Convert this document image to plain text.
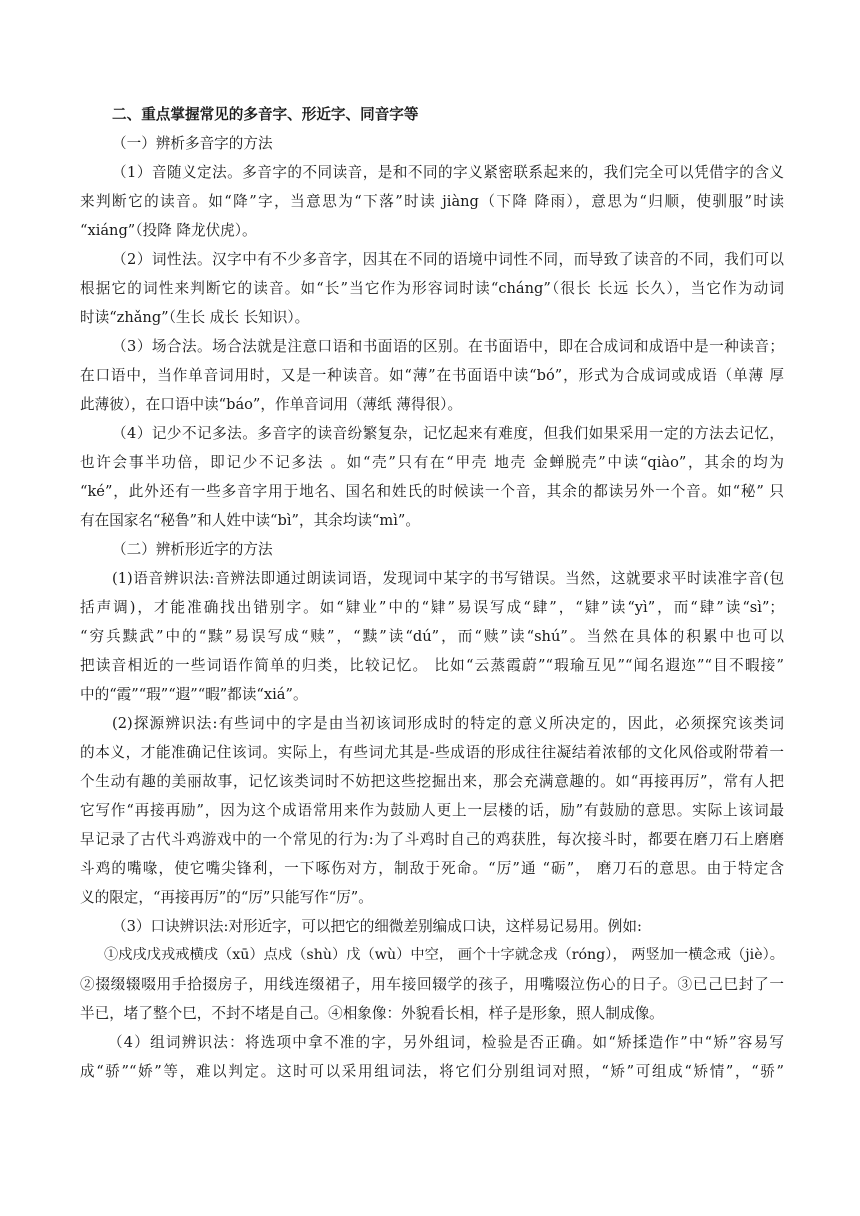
二、重点掌握常见的多音字、形近字、同音字等

（一）辨析多音字的方法

（1）音随义定法。多音字的不同读音，是和不同的字义紧密联系起来的，我们完全可以凭借字的含义

来判断它的读音。如“降”字，当意思为“下落”时读 jiàng（下降 降雨），意思为“归顺，使驯服”时读

“xiáng”（投降 降龙伏虎）。

（2）词性法。汉字中有不少多音字，因其在不同的语境中词性不同，而导致了读音的不同，我们可以

根据它的词性来判断它的读音。如“长”当它作为形容词时读“cháng”（很长 长远 长久），当它作为动词

时读“zhǎng”（生长 成长 长知识）。

（3）场合法。场合法就是注意口语和书面语的区别。在书面语中，即在合成词和成语中是一种读音；

在口语中，当作单音词用时，又是一种读音。如“薄”在书面语中读“bó”，形式为合成词或成语（单薄 厚

此薄彼），在口语中读“báo”，作单音词用（薄纸 薄得很）。

（4）记少不记多法。多音字的读音纷繁复杂，记忆起来有难度，但我们如果采用一定的方法去记忆，

也许会事半功倍，即记少不记多法 。如“壳”只有在“甲壳 地壳 金蝉脱壳”中读“qiào”，其余的均为

“ké”，此外还有一些多音字用于地名、国名和姓氏的时候读一个音，其余的都读另外一个音。如“秘” 只

有在国家名“秘鲁”和人姓中读“bì”，其余均读“mì”。

（二）辨析形近字的方法

(1)语音辨识法:音辨法即通过朗读词语，发现词中某字的书写错误。当然，这就要求平时读准字音(包

括声调)，才能准确找出错别字。如“肄业”中的“肄”易误写成“肆”，“肄”读“yì”，而“肆”读“sì”；

“穷兵黩武”中的“黩”易误写成“赎”，“黩”读“dú”，而“赎”读“shú”。当然在具体的积累中也可以

把读音相近的一些词语作简单的归类，比较记忆。 比如“云蒸霞蔚”“瑕瑜互见”“闻名遐迩”“目不暇接”

中的“霞”“瑕”“遐”“暇”都读“xiá”。

(2)探源辨识法:有些词中的字是由当初该词形成时的特定的意义所决定的，因此，必须探究该类词

的本义，才能准确记住该词。实际上，有些词尤其是-些成语的形成往往凝结着浓郁的文化风俗或附带着一

个生动有趣的美丽故事，记忆该类词时不妨把这些挖掘出来，那会充满意趣的。如“再接再厉”，常有人把

它写作“再接再励”，因为这个成语常用来作为鼓励人更上一层楼的话，励”有鼓励的意思。实际上该词最

早记录了古代斗鸡游戏中的一个常见的行为:为了斗鸡时自己的鸡获胜，每次接斗时，都要在磨刀石上磨磨

斗鸡的嘴喙，使它嘴尖锋利，一下啄伤对方，制敌于死命。“厉”通 “砺”， 磨刀石的意思。由于特定含

义的限定，“再接再厉”的“厉”只能写作“厉”。

（3）口诀辨识法:对形近字，可以把它的细微差别编成口诀，这样易记易用。例如:

①戍戌戊戎戒横戌（xū）点戍（shù）戊（wù）中空， 画个十字就念戎（róng）， 两竖加一横念戒（jiè）。

②掇缀辍啜用手拾掇房子，用线连缀裙子，用车接回辍学的孩子，用嘴啜泣伤心的日子。③已己巳封了一

半已，堵了整个巳，不封不堵是自己。④相象像：外貌看长相，样子是形象，照人制成像。

（4）组词辨识法：将选项中拿不准的字，另外组词，检验是否正确。如“矫揉造作”中“矫”容易写

成“骄”“娇”等，难以判定。这时可以采用组词法，将它们分别组词对照，“矫”可组成“矫情”，“骄”
